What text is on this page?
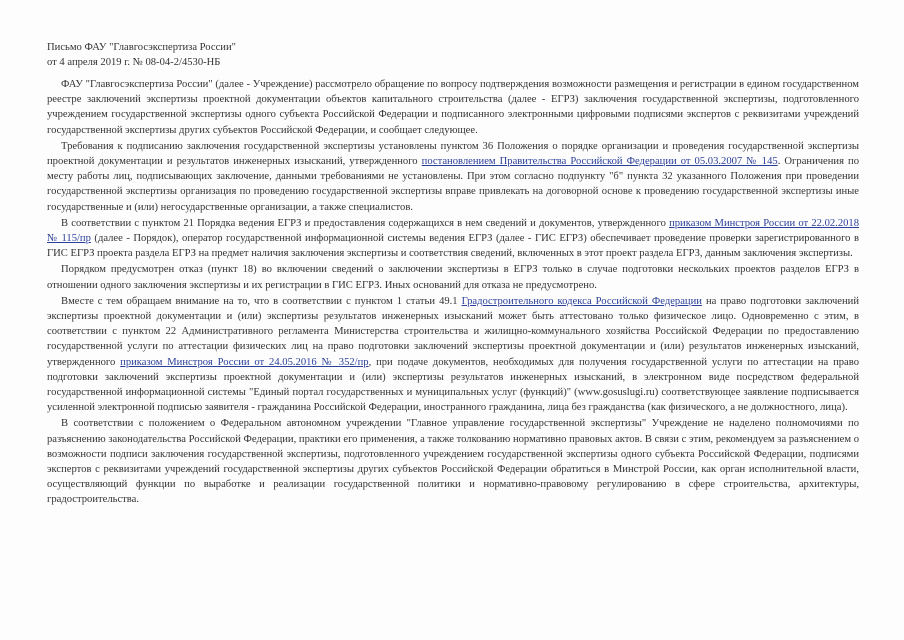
Письмо ФАУ "Главгосэкспертиза России"
от 4 апреля 2019 г. № 08-04-2/4530-НБ

ФАУ "Главгосэкспертиза России" (далее - Учреждение) рассмотрело обращение по вопросу подтверждения возможности размещения и регистрации в едином государственном реестре заключений экспертизы проектной документации объектов капитального строительства (далее - ЕГРЗ) заключения государственной экспертизы, подготовленного учреждением государственной экспертизы одного субъекта Российской Федерации и подписанного электронными цифровыми подписями экспертов с реквизитами учреждений государственной экспертизы других субъектов Российской Федерации, и сообщает следующее.

Требования к подписанию заключения государственной экспертизы установлены пунктом 36 Положения о порядке организации и проведения государственной экспертизы проектной документации и результатов инженерных изысканий, утвержденного постановлением Правительства Российской Федерации от 05.03.2007 № 145. Ограничения по месту работы лиц, подписывающих заключение, данными требованиями не установлены. При этом согласно подпункту "б" пункта 32 указанного Положения при проведении государственной экспертизы организация по проведению государственной экспертизы вправе привлекать на договорной основе к проведению государственной экспертизы иные государственные и (или) негосударственные организации, а также специалистов.

В соответствии с пунктом 21 Порядка ведения ЕГРЗ и предоставления содержащихся в нем сведений и документов, утвержденного приказом Минстроя России от 22.02.2018 № 115/пр (далее - Порядок), оператор государственной информационной системы ведения ЕГРЗ (далее - ГИС ЕГРЗ) обеспечивает проведение проверки зарегистрированного в ГИС ЕГРЗ проекта раздела ЕГРЗ на предмет наличия заключения экспертизы и соответствия сведений, включенных в этот проект раздела ЕГРЗ, данным заключения экспертизы.

Порядком предусмотрен отказ (пункт 18) во включении сведений о заключении экспертизы в ЕГРЗ только в случае подготовки нескольких проектов разделов ЕГРЗ в отношении одного заключения экспертизы и их регистрации в ГИС ЕГРЗ. Иных оснований для отказа не предусмотрено.

Вместе с тем обращаем внимание на то, что в соответствии с пунктом 1 статьи 49.1 Градостроительного кодекса Российской Федерации на право подготовки заключений экспертизы проектной документации и (или) экспертизы результатов инженерных изысканий может быть аттестовано только физическое лицо. Одновременно с этим, в соответствии с пунктом 22 Административного регламента Министерства строительства и жилищно-коммунального хозяйства Российской Федерации по предоставлению государственной услуги по аттестации физических лиц на право подготовки заключений экспертизы проектной документации и (или) результатов инженерных изысканий, утвержденного приказом Минстроя России от 24.05.2016 № 352/пр, при подаче документов, необходимых для получения государственной услуги по аттестации на право подготовки заключений экспертизы проектной документации и (или) экспертизы результатов инженерных изысканий, в электронном виде посредством федеральной государственной информационной системы "Единый портал государственных и муниципальных услуг (функций)" (www.gosuslugi.ru) соответствующее заявление подписывается усиленной электронной подписью заявителя - гражданина Российской Федерации, иностранного гражданина, лица без гражданства (как физического, а не должностного, лица).

В соответствии с положением о Федеральном автономном учреждении "Главное управление государственной экспертизы" Учреждение не наделено полномочиями по разъяснению законодательства Российской Федерации, практики его применения, а также толкованию нормативно правовых актов. В связи с этим, рекомендуем за разъяснением о возможности подписи заключения государственной экспертизы, подготовленного учреждением государственной экспертизы одного субъекта Российской Федерации, подписями экспертов с реквизитами учреждений государственной экспертизы других субъектов Российской Федерации обратиться в Минстрой России, как орган исполнительной власти, осуществляющий функции по выработке и реализации государственной политики и нормативно-правовому регулированию в сфере строительства, архитектуры, градостроительства.
